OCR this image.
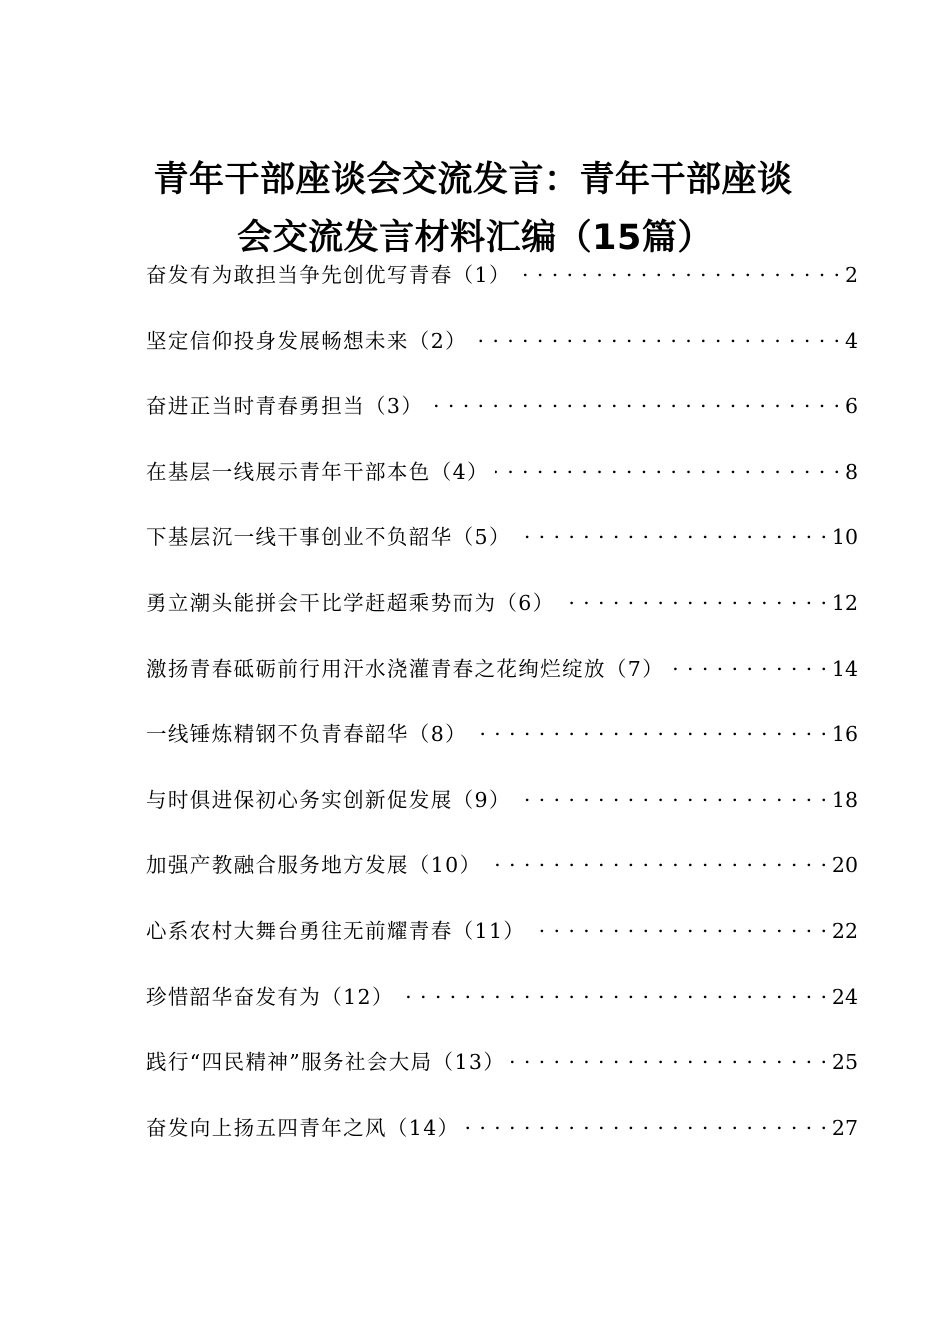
青年干部座谈会交流发言：青年干部座谈
会交流发言材料汇编（15篇）
奋发有为敢担当争先创优写青春（1） . . .	2
坚定信仰投身发展畅想未来（2） . . .	4
奋进正当时青春勇担当（3） . . .	6
在基层一线展示青年干部本色（4） . . .	8
下基层沉一线干事创业不负韶华（5） . . .	10
勇立潮头能拼会干比学赶超乘势而为（6） . . .	12
激扬青春砥砺前行用汗水浇灌青春之花绚烂绽放（7） . . .	14
一线锤炼精钢不负青春韶华（8） . . .	16
与时俱进保初心务实创新促发展（9） . . .	18
加强产教融合服务地方发展（10） . . .	20
心系农村大舞台勇往无前耀青春（11） . . .	22
珍惜韶华奋发有为（12） . . .	24
践行“四民精神”服务社会大局（13） . . .	25
奋发向上扬五四青年之风（14） . . .	27
